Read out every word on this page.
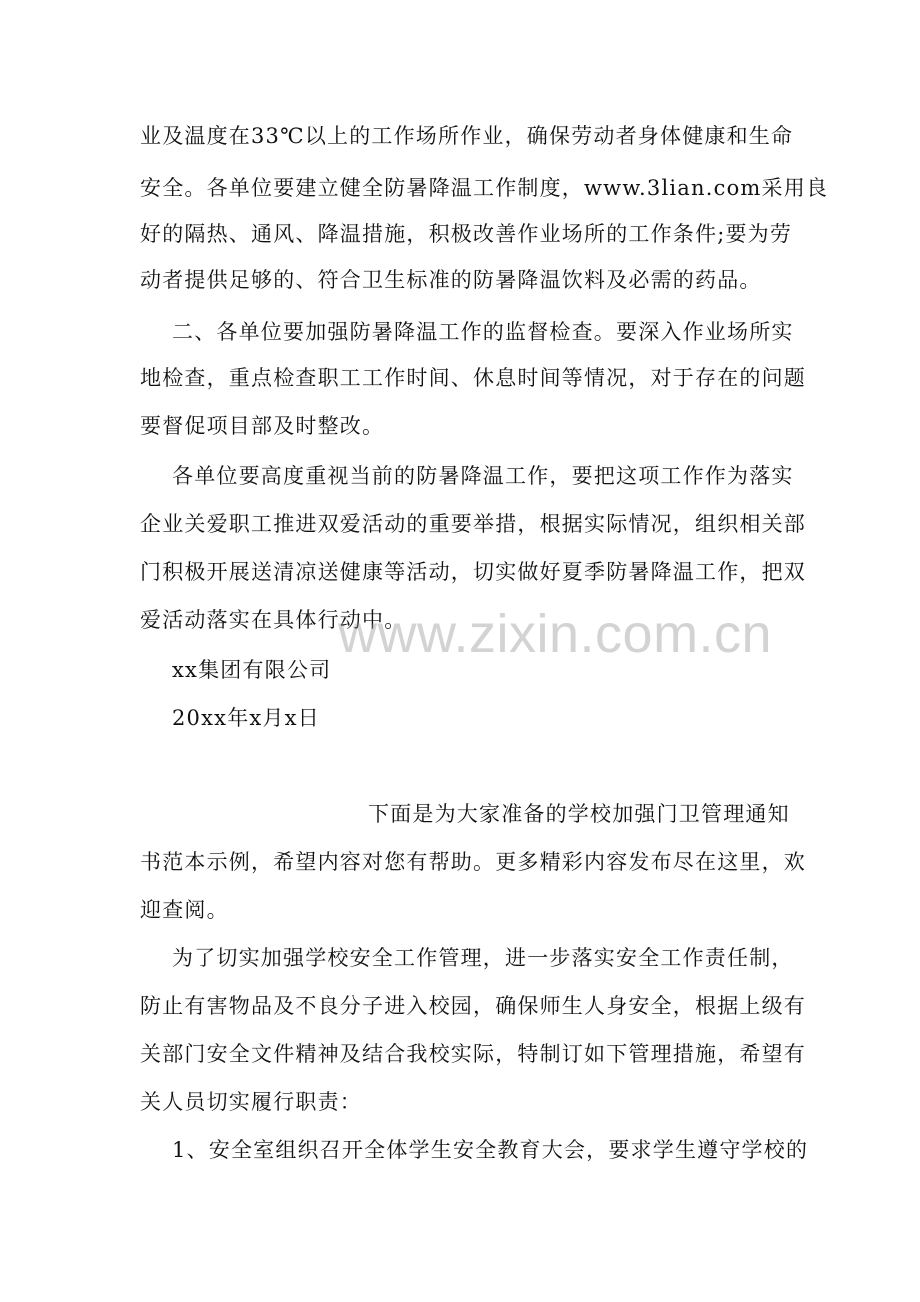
业及温度在33℃以上的工作场所作业，确保劳动者身体健康和生命
安全。各单位要建立健全防暑降温工作制度，www.3lian.com采用良
好的隔热、通风、降温措施，积极改善作业场所的工作条件;要为劳
动者提供足够的、符合卫生标准的防暑降温饮料及必需的药品。
二、各单位要加强防暑降温工作的监督检查。要深入作业场所实
地检查，重点检查职工工作时间、休息时间等情况，对于存在的问题
要督促项目部及时整改。
各单位要高度重视当前的防暑降温工作，要把这项工作作为落实
企业关爱职工推进双爱活动的重要举措，根据实际情况，组织相关部
门积极开展送清凉送健康等活动，切实做好夏季防暑降温工作，把双
爱活动落实在具体行动中。
xx集团有限公司
20xx年x月x日
下面是为大家准备的学校加强门卫管理通知
书范本示例，希望内容对您有帮助。更多精彩内容发布尽在这里，欢
迎查阅。
为了切实加强学校安全工作管理，进一步落实安全工作责任制，
防止有害物品及不良分子进入校园，确保师生人身安全，根据上级有
关部门安全文件精神及结合我校实际，特制订如下管理措施，希望有
关人员切实履行职责：
1、安全室组织召开全体学生安全教育大会，要求学生遵守学校的
www.zixin.com.cn
